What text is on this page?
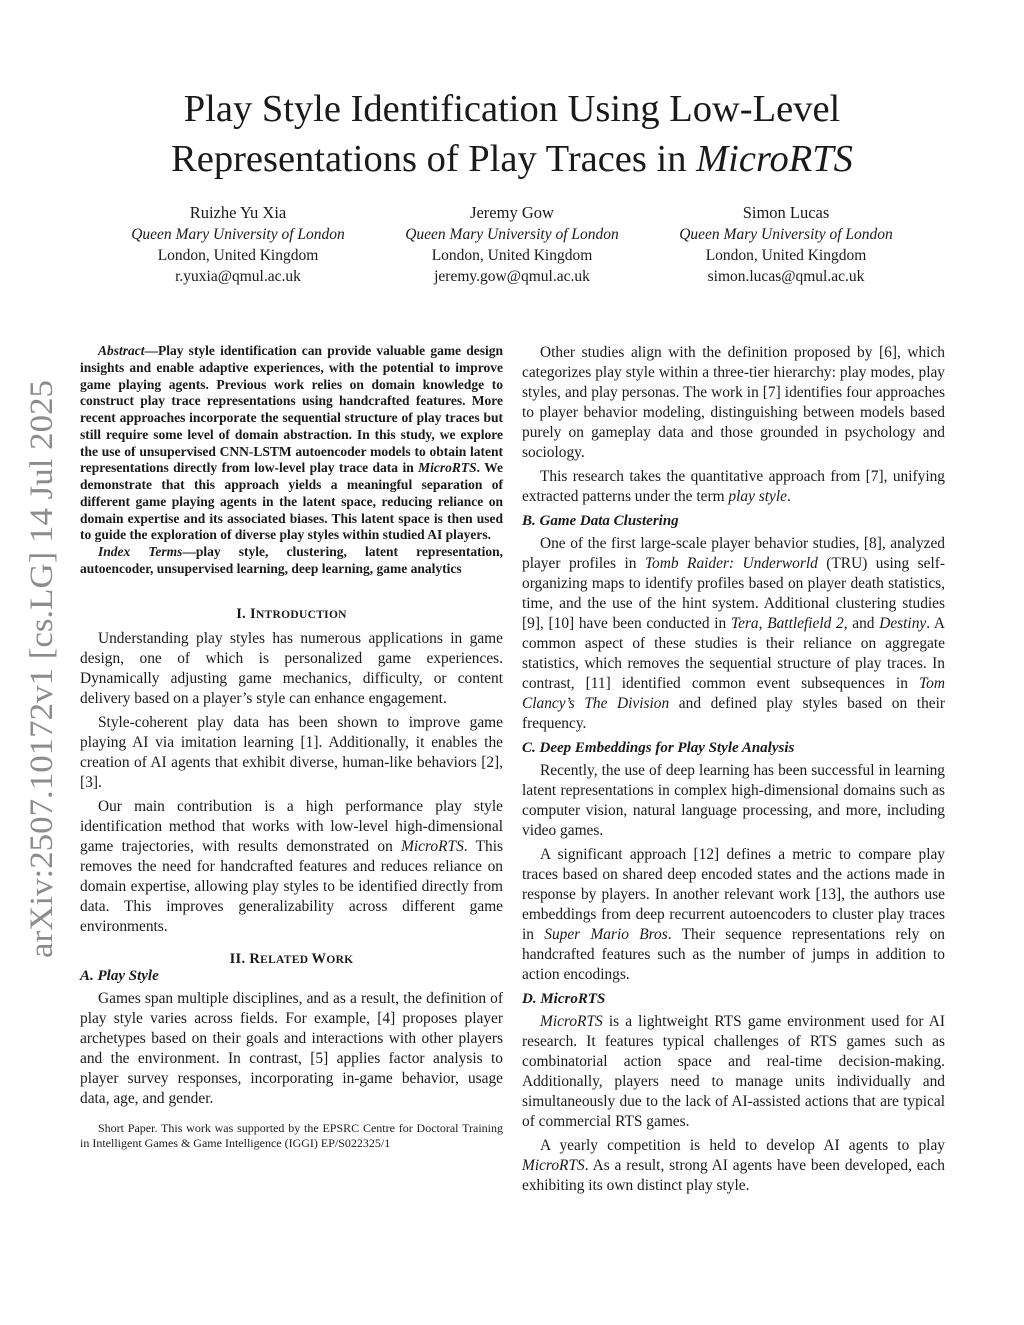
arXiv:2507.10172v1 [cs.LG] 14 Jul 2025
Play Style Identification Using Low-Level
Representations of Play Traces in MicroRTS
Ruizhe Yu Xia
Queen Mary University of London
London, United Kingdom
r.yuxia@qmul.ac.uk
Jeremy Gow
Queen Mary University of London
London, United Kingdom
jeremy.gow@qmul.ac.uk
Simon Lucas
Queen Mary University of London
London, United Kingdom
simon.lucas@qmul.ac.uk

Abstract—Play style identification can provide valuable game design insights and enable adaptive experiences, with the potential to improve game playing agents. Previous work relies on domain knowledge to construct play trace representations using handcrafted features. More recent approaches incorporate the sequential structure of play traces but still require some level of domain abstraction. In this study, we explore the use of unsupervised CNN-LSTM autoencoder models to obtain latent representations directly from low-level play trace data in MicroRTS. We demonstrate that this approach yields a meaningful separation of different game playing agents in the latent space, reducing reliance on domain expertise and its associated biases. This latent space is then used to guide the exploration of diverse play styles within studied AI players.

Index Terms—play style, clustering, latent representation, autoencoder, unsupervised learning, deep learning, game analytics

I. INTRODUCTION

Understanding play styles has numerous applications in game design, one of which is personalized game experiences. Dynamically adjusting game mechanics, difficulty, or content delivery based on a player’s style can enhance engagement.

Style-coherent play data has been shown to improve game playing AI via imitation learning [1]. Additionally, it enables the creation of AI agents that exhibit diverse, human-like behaviors [2], [3].

Our main contribution is a high performance play style identification method that works with low-level high-dimensional game trajectories, with results demonstrated on MicroRTS. This removes the need for handcrafted features and reduces reliance on domain expertise, allowing play styles to be identified directly from data. This improves generalizability across different game environments.

II. RELATED WORK
A. Play Style

Games span multiple disciplines, and as a result, the definition of play style varies across fields. For example, [4] proposes player archetypes based on their goals and interactions with other players and the environment. In contrast, [5] applies factor analysis to player survey responses, incorporating in-game behavior, usage data, age, and gender.

Short Paper. This work was supported by the EPSRC Centre for Doctoral Training in Intelligent Games & Game Intelligence (IGGI) EP/S022325/1

Other studies align with the definition proposed by [6], which categorizes play style within a three-tier hierarchy: play modes, play styles, and play personas. The work in [7] identifies four approaches to player behavior modeling, distinguishing between models based purely on gameplay data and those grounded in psychology and sociology.

This research takes the quantitative approach from [7], unifying extracted patterns under the term play style.

B. Game Data Clustering

One of the first large-scale player behavior studies, [8], analyzed player profiles in Tomb Raider: Underworld (TRU) using self-organizing maps to identify profiles based on player death statistics, time, and the use of the hint system. Additional clustering studies [9], [10] have been conducted in Tera, Battlefield 2, and Destiny. A common aspect of these studies is their reliance on aggregate statistics, which removes the sequential structure of play traces. In contrast, [11] identified common event subsequences in Tom Clancy’s The Division and defined play styles based on their frequency.

C. Deep Embeddings for Play Style Analysis

Recently, the use of deep learning has been successful in learning latent representations in complex high-dimensional domains such as computer vision, natural language processing, and more, including video games.

A significant approach [12] defines a metric to compare play traces based on shared deep encoded states and the actions made in response by players. In another relevant work [13], the authors use embeddings from deep recurrent autoencoders to cluster play traces in Super Mario Bros. Their sequence representations rely on handcrafted features such as the number of jumps in addition to action encodings.

D. MicroRTS

MicroRTS is a lightweight RTS game environment used for AI research. It features typical challenges of RTS games such as combinatorial action space and real-time decision-making. Additionally, players need to manage units individually and simultaneously due to the lack of AI-assisted actions that are typical of commercial RTS games.

A yearly competition is held to develop AI agents to play MicroRTS. As a result, strong AI agents have been developed, each exhibiting its own distinct play style.
